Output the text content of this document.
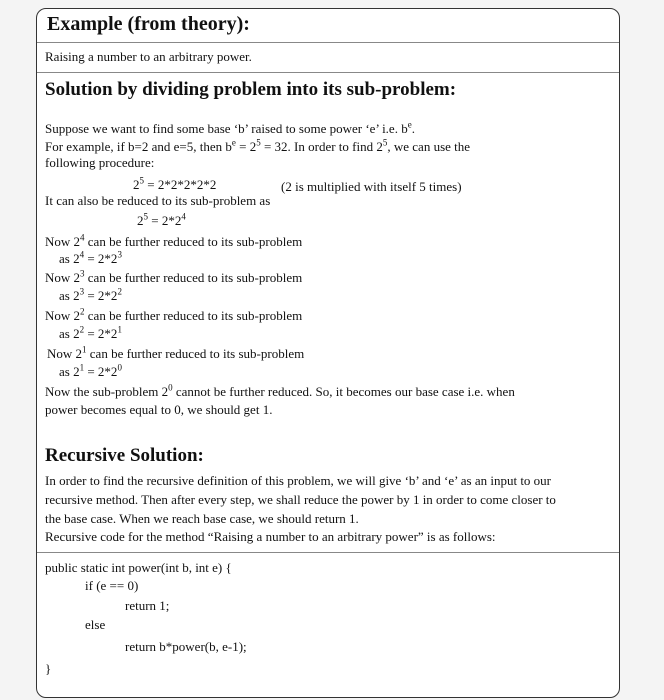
Example (from theory):
Raising a number to an arbitrary power.
Solution by dividing problem into its sub-problem:
Suppose we want to find some base ‘b’ raised to some power ‘e’ i.e. $b^e$.
For example, if b=2 and e=5, then $b^e = 2^5 = 32$. In order to find $2^5$, we can use the
following procedure:
$2^5 = 2*2*2*2*2$	(2 is multiplied with itself 5 times)
It can also be reduced to its sub-problem as
$2^5 = 2*2^4$
Now $2^4$ can be further reduced to its sub-problem
as $2^4 = 2*2^3$
Now $2^3$ can be further reduced to its sub-problem
as $2^3 = 2*2^2$
Now $2^2$ can be further reduced to its sub-problem
as $2^2 = 2*2^1$
Now $2^1$ can be further reduced to its sub-problem
as $2^1 = 2*2^0$
Now the sub-problem $2^0$ cannot be further reduced. So, it becomes our base case i.e. when
power becomes equal to 0, we should get 1.
Recursive Solution:
In order to find the recursive definition of this problem, we will give ‘b’ and ‘e’ as an input to our
recursive method. Then after every step, we shall reduce the power by 1 in order to come closer to
the base case. When we reach base case, we should return 1.
Recursive code for the method “Raising a number to an arbitrary power” is as follows:
public static int power(int b, int e) {
if (e == 0)
return 1;
else
return b*power(b, e-1);
}
